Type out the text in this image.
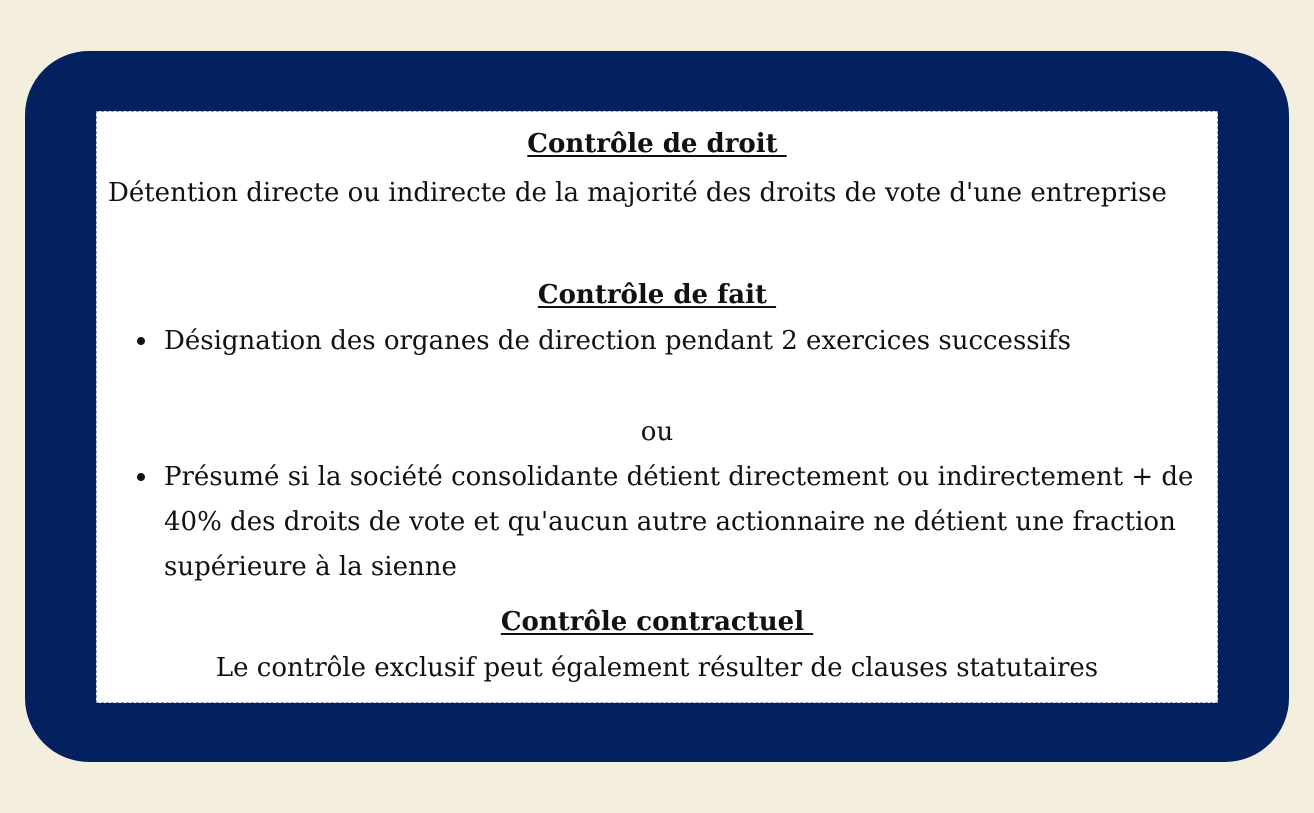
Contrôle de droit
Détention directe ou indirecte de la majorité des droits de vote d'une entreprise
Contrôle de fait
Désignation des organes de direction pendant 2 exercices successifs
ou
Présumé si la société consolidante détient directement ou indirectement + de 40% des droits de vote et qu'aucun autre actionnaire ne détient une fraction supérieure à la sienne
Contrôle contractuel
Le contrôle exclusif peut également résulter de clauses statutaires
